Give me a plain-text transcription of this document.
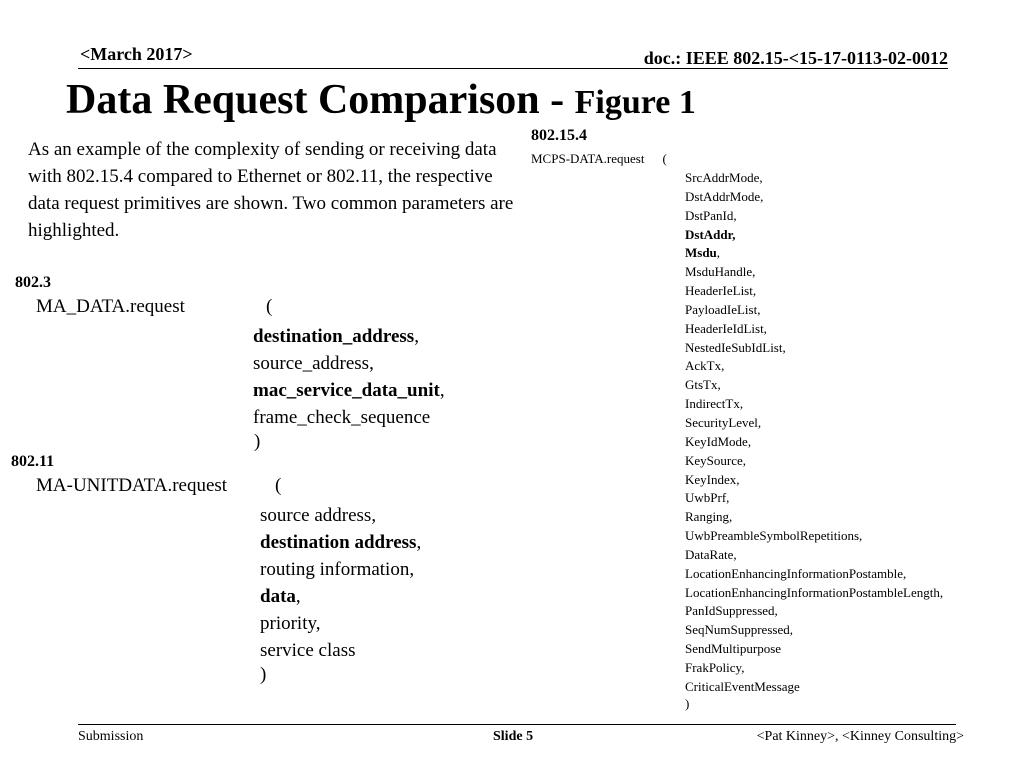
<March 2017>	doc.: IEEE 802.15-<15-17-0113-02-0012
Data Request Comparison - Figure 1
As an example of the complexity of sending or receiving data with 802.15.4 compared to Ethernet or 802.11, the respective data request primitives are shown. Two common parameters are highlighted.
802.3
MA_DATA.request	(
destination_address,
source_address,
mac_service_data_unit,
frame_check_sequence
)
802.11
MA-UNITDATA.request	(
source address,
destination address,
routing information,
data,
priority,
service class
)
802.15.4
MCPS-DATA.request (
SrcAddrMode,
DstAddrMode,
DstPanId,
DstAddr,
Msdu,
MsduHandle,
HeaderIeList,
PayloadIeList,
HeaderIeIdList,
NestedIeSubIdList,
AckTx,
GtsTx,
IndirectTx,
SecurityLevel,
KeyIdMode,
KeySource,
KeyIndex,
UwbPrf,
Ranging,
UwbPreambleSymbolRepetitions,
DataRate,
LocationEnhancingInformationPostamble,
LocationEnhancingInformationPostambleLength,
PanIdSuppressed,
SeqNumSuppressed,
SendMultipurpose
FrakPolicy,
CriticalEventMessage
)
Submission	Slide 5	<Pat Kinney>, <Kinney Consulting>
